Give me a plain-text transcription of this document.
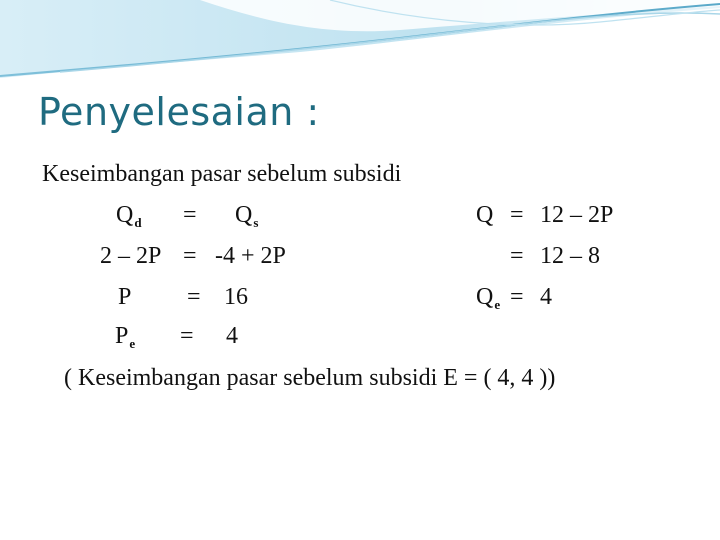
Penyelesaian :
Keseimbangan pasar sebelum subsidi
$Q_d = Q_s$
2 – 2P = -4 + 2P
P = 16
$P_e = 4$
Q = 12 – 2P
= 12 – 8
$Q_e = 4$
( Keseimbangan pasar sebelum subsidi E = ( 4, 4 ))
